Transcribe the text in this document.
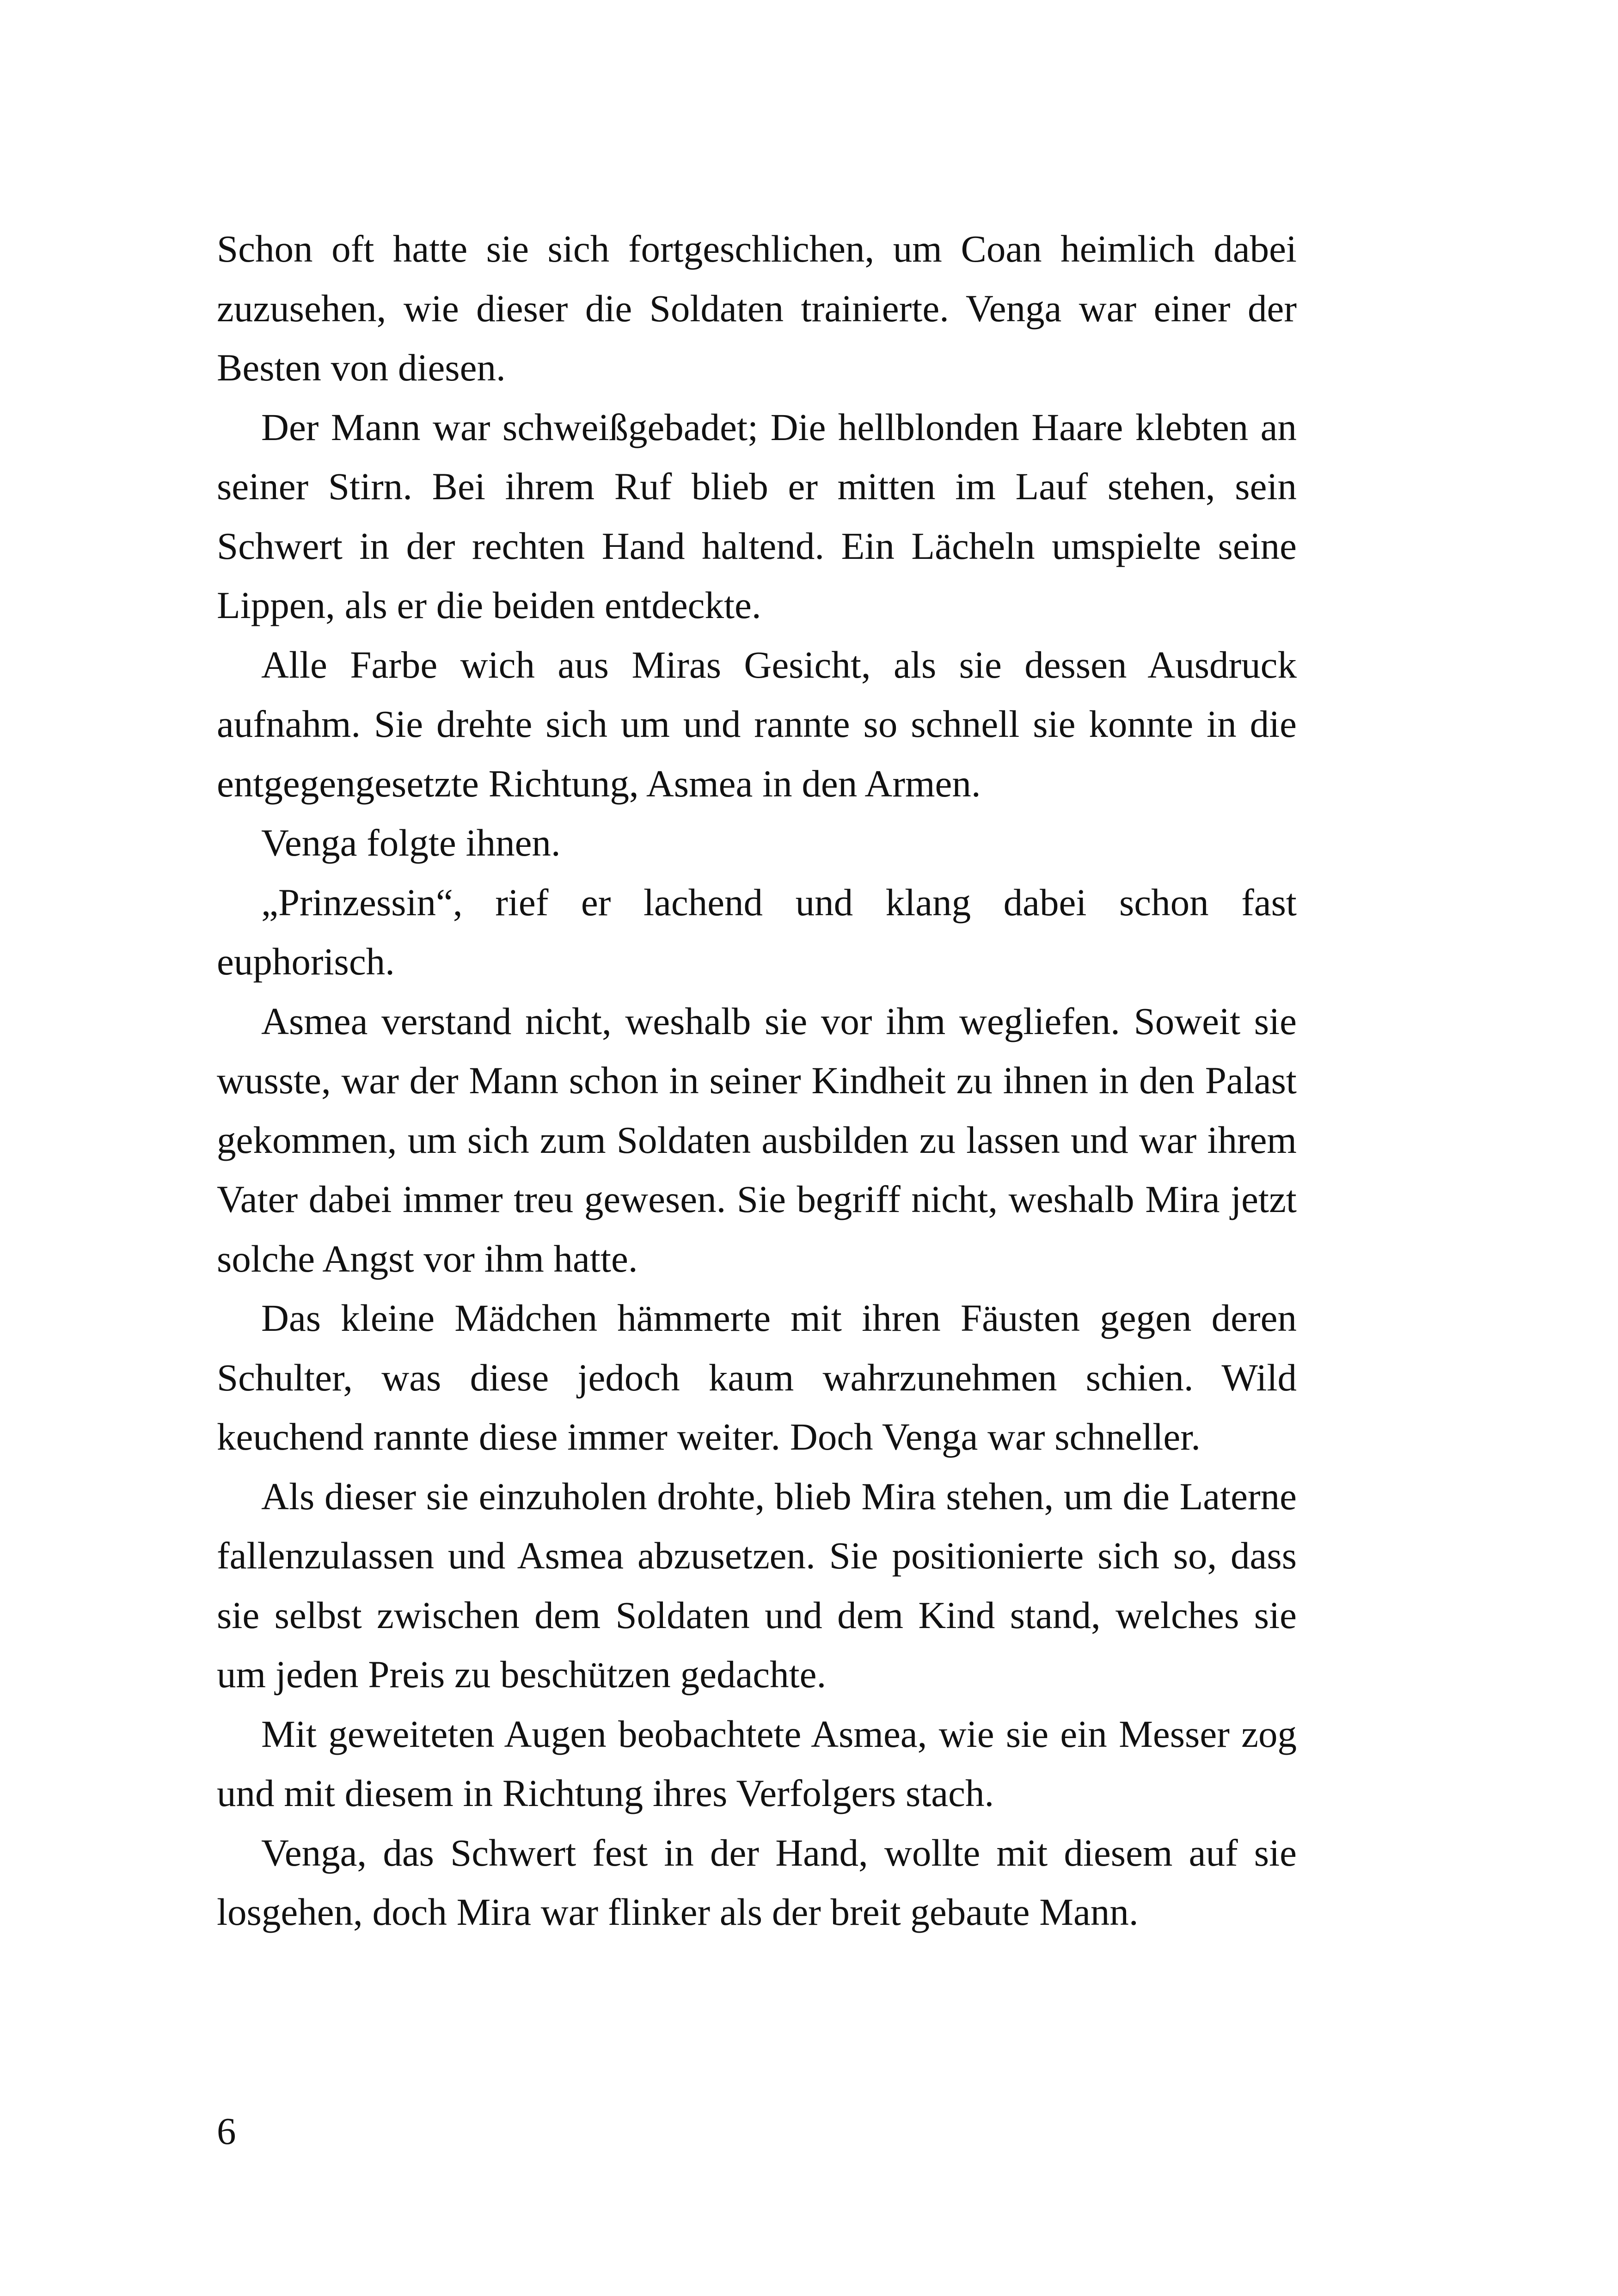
Schon oft hatte sie sich fortgeschlichen, um Coan heimlich dabei zuzusehen, wie dieser die Soldaten trainierte. Venga war einer der Besten von diesen.

Der Mann war schweißgebadet; Die hellblonden Haare klebten an seiner Stirn. Bei ihrem Ruf blieb er mitten im Lauf stehen, sein Schwert in der rechten Hand haltend. Ein Lächeln umspielte seine Lippen, als er die beiden entdeckte.

Alle Farbe wich aus Miras Gesicht, als sie dessen Ausdruck aufnahm. Sie drehte sich um und rannte so schnell sie konnte in die entgegengesetzte Richtung, Asmea in den Armen.

Venga folgte ihnen.

„Prinzessin“, rief er lachend und klang dabei schon fast euphorisch.

Asmea verstand nicht, weshalb sie vor ihm wegliefen. Soweit sie wusste, war der Mann schon in seiner Kindheit zu ihnen in den Palast gekommen, um sich zum Soldaten ausbilden zu lassen und war ihrem Vater dabei immer treu gewesen. Sie begriff nicht, weshalb Mira jetzt solche Angst vor ihm hatte.

Das kleine Mädchen hämmerte mit ihren Fäusten gegen deren Schulter, was diese jedoch kaum wahrzunehmen schien. Wild keuchend rannte diese immer weiter. Doch Venga war schneller.

Als dieser sie einzuholen drohte, blieb Mira stehen, um die Laterne fallenzulassen und Asmea abzusetzen. Sie positionierte sich so, dass sie selbst zwischen dem Soldaten und dem Kind stand, welches sie um jeden Preis zu beschützen gedachte.

Mit geweiteten Augen beobachtete Asmea, wie sie ein Messer zog und mit diesem in Richtung ihres Verfolgers stach.

Venga, das Schwert fest in der Hand, wollte mit diesem auf sie losgehen, doch Mira war flinker als der breit gebaute Mann.

6
